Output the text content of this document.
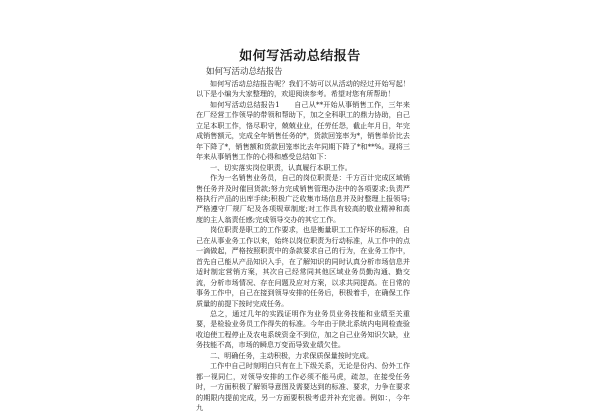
如何写活动总结报告
如何写活动总结报告

如何写活动总结报告呢？我们不妨可以从活动的经过开始写起！以下是小编为大家整理的，欢迎阅读参考。希望对您有所帮助！

如何写活动总结报告1　　自己从**开始从事销售工作，三年来在厂经营工作领导的带领和帮助下，加之全科职工的鼎力协助，自己立足本职工作，恪尽职守，兢兢业业，任劳任怨，截止年月日，年完成销售额元，完成全年销售任务的*，货款回笼率为*，销售单价比去年下降了*，销售额和货款回笼率比去年同期下降了*和**%。现将三年来从事销售工作的心得和感受总结如下：

一、切实落实岗位职责，认真履行本职工作。

作为一名销售业务员，自己的岗位职责是：千方百计完成区域销售任务并及时催回货款;努力完成销售管理办法中的各项要求;负责严格执行产品的出库手续;积极广泛收集市场信息并及时整理上报领导;严格遵守厂规厂纪及各项规章制度;对工作具有较高的敬业精神和高度的主人翁责任感;完成领导交办的其它工作。

岗位职责是职工的工作要求，也是衡量职工工作好坏的标准，自己在从事业务工作以来，始终以岗位职责为行动标准，从工作中的点一滴做起，严格按照职责中的条款要求自己的行为，在业务工作中，首先自己能从产品知识入手，在了解知识的同时认真分析市场信息并适时制定营销方案，其次自己经常同其他区域业务员勤沟通、勤交流，分析市场情况、存在问题及应对方案，以求共同提高。在日常的事务工作中，自己在接到领导安排的任务后，积极着手，在确保工作质量的前提下按时完成任务。

总之，通过几年的实践证明作为业务员业务技能和业绩至关重要，是检验业务员工作得失的标准。今年由于陕北系统内电网检查验收迫使工程停止及农电系统资金不到位，加之自己业务知识欠缺，业务技能不高，市场的瞬息万变而导致业绩欠佳。

二、明确任务，主动积极，力求保质保量按时完成。

工作中自己时刻明白只有在上下级关系，无论是份内、份外工作都一视同仁，对领导安排的工作必须不能马虎，疏忽，在接受任务时，一方面积极了解领导意图及需要达到的标准、要求，力争在要求的期限内提前完成，另一方面要积极考虑并补充完善。例如：，今年九
